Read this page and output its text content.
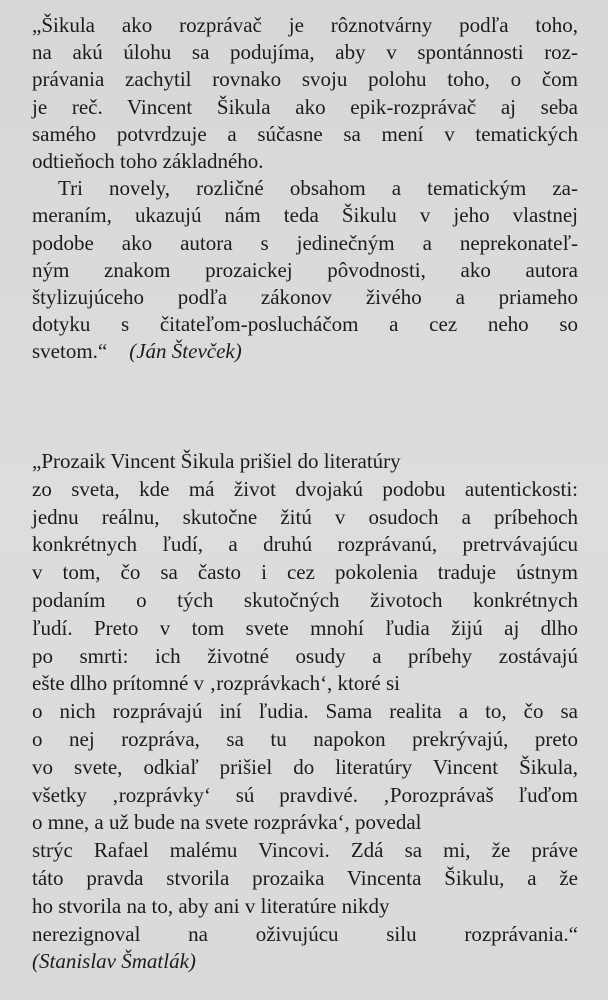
„Šikula ako rozprávač je rôznotvárny podľa toho,
na akú úlohu sa podujíma, aby v spontánnosti roz-
právania zachytil rovnako svoju polohu toho, o čom
je reč. Vincent Šikula ako epik-rozprávač aj seba
samého potvrdzuje a súčasne sa mení v tematických
odtieňoch toho základného.
Tri novely, rozličné obsahom a tematickým za-
meraním, ukazujú nám teda Šikulu v jeho vlastnej
podobe ako autora s jedinečným a neprekonateľ-
ným znakom prozaickej pôvodnosti, ako autora
štylizujúceho podľa zákonov živého a priameho
dotyku s čitateľom-poslucháčom a cez neho so
svetom.“ (Ján Števček)
„Prozaik Vincent Šikula prišiel do literatúry
zo sveta, kde má život dvojakú podobu autentickosti:
jednu reálnu, skutočne žitú v osudoch a príbehoch
konkrétnych ľudí, a druhú rozprávanú, pretrvávajúcu
v tom, čo sa často i cez pokolenia traduje ústnym
podaním o tých skutočných životoch konkrétnych
ľudí. Preto v tom svete mnohí ľudia žijú aj dlho
po smrti: ich životné osudy a príbehy zostávajú
ešte dlho prítomné v ‚rozprávkach‘, ktoré si
o nich rozprávajú iní ľudia. Sama realita a to, čo sa
o nej rozpráva, sa tu napokon prekrývajú, preto
vo svete, odkiaľ prišiel do literatúry Vincent Šikula,
všetky ‚rozprávky‘ sú pravdivé. ‚Porozprávaš ľuďom
o mne, a už bude na svete rozprávka‘, povedal
strýc Rafael malému Vincovi. Zdá sa mi, že práve
táto pravda stvorila prozaika Vincenta Šikulu, a že
ho stvorila na to, aby ani v literatúre nikdy
nerezignoval na oživujúcu silu rozprávania.“
(Stanislav Šmatlák)
